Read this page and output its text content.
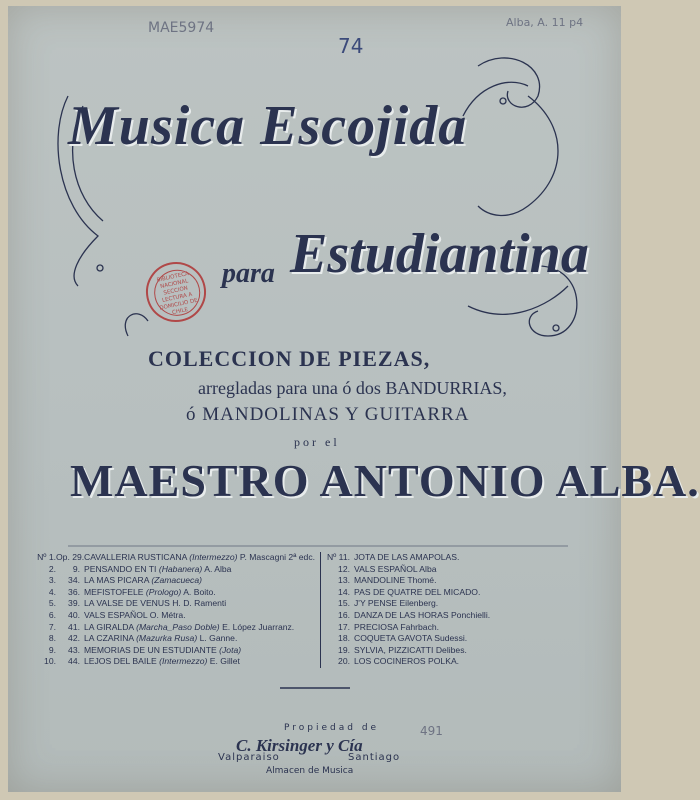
MAE5974
74
Alba, A. 11 p4
BIBLIOTECA NACIONAL SECCION LECTURA A DOMICILIO DE CHILE
Musica Escojida
para Estudiantina
COLECCION DE PIEZAS,
arregladas para una ó dos BANDURRIAS,
ó MANDOLINAS Y GUITARRA
por el
MAESTRO ANTONIO ALBA.
Nº 1.Op. 29.CAVALLERIA RUSTICANA (Intermezzo) P. Mascagni 2ª edc.
2. 9. PENSANDO EN TI (Habanera) A. Alba
3. 34. LA MAS PICARA (Zamacueca)
4. 36. MEFISTOFELE (Prologo) A. Boito.
5. 39. LA VALSE DE VENUS H. D. Ramenti
6. 40. VALS ESPAÑOL O. Métra.
7. 41. LA GIRALDA (Marcha_Paso Doble) E. López Juarranz.
8. 42. LA CZARINA (Mazurka Rusa) L. Ganne.
9. 43. MEMORIAS DE UN ESTUDIANTE (Jota)
10. 44. LEJOS DEL BAILE (Intermezzo) E. Gillet
Nº 11. JOTA DE LAS AMAPOLAS.
12. VALS ESPAÑOL Alba
13. MANDOLINE Thomé.
14. PAS DE QUATRE DEL MICADO.
15. J'Y PENSE Eilenberg.
16. DANZA DE LAS HORAS Ponchielli.
17. PRECIOSA Fahrbach.
18. COQUETA GAVOTA Sudessi.
19. SYLVIA, PIZZICATTI Delibes.
20. LOS COCINEROS POLKA.
Propiedad de
C. Kirsinger y Cía
Valparaiso	Santiago
Almacen de Musica
491
